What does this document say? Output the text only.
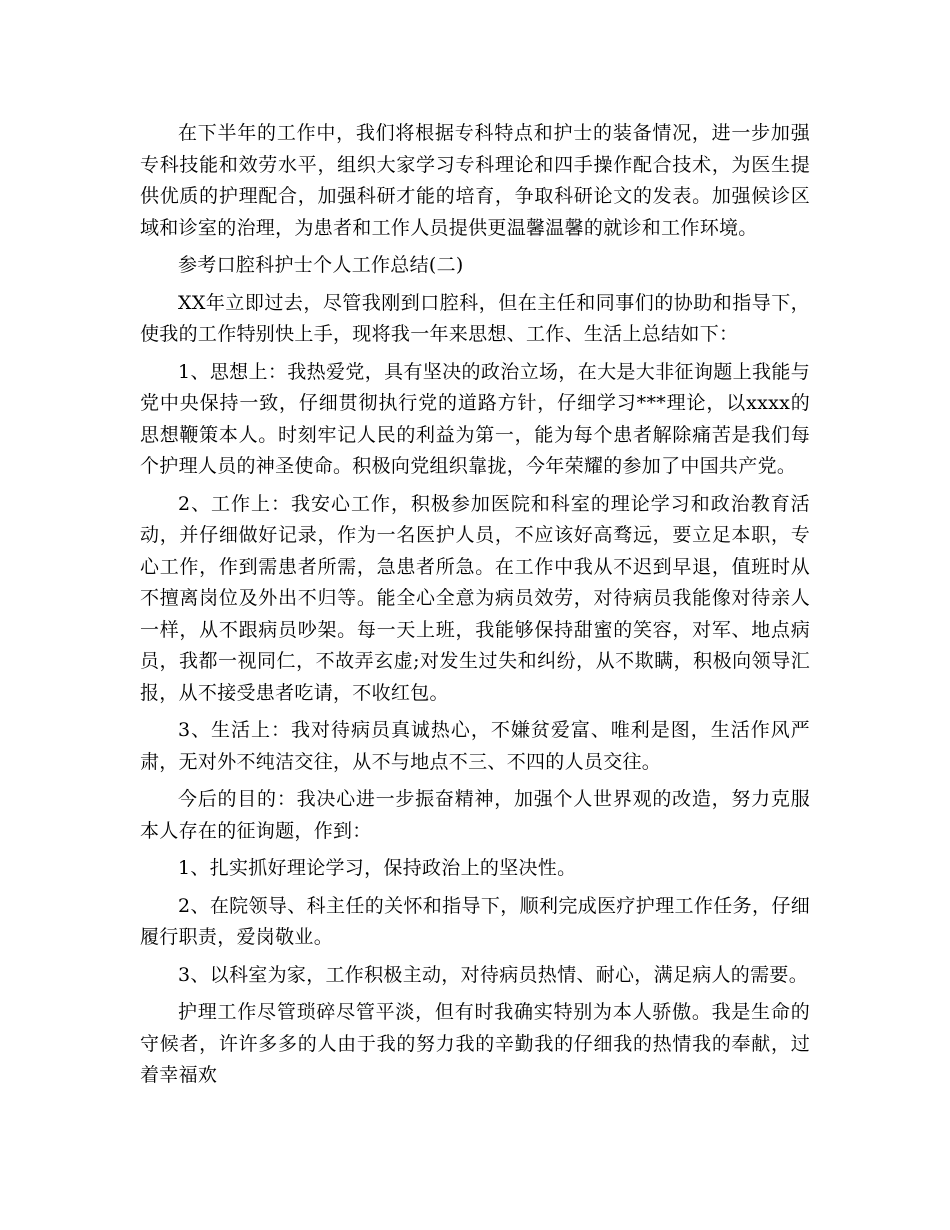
在下半年的工作中，我们将根据专科特点和护士的装备情况，进一步加强专科技能和效劳水平，组织大家学习专科理论和四手操作配合技术，为医生提供优质的护理配合，加强科研才能的培育，争取科研论文的发表。加强候诊区域和诊室的治理，为患者和工作人员提供更温馨温馨的就诊和工作环境。

参考口腔科护士个人工作总结(二)

XX年立即过去，尽管我刚到口腔科，但在主任和同事们的协助和指导下，使我的工作特别快上手，现将我一年来思想、工作、生活上总结如下：

1、思想上：我热爱党，具有坚决的政治立场，在大是大非征询题上我能与党中央保持一致，仔细贯彻执行党的道路方针，仔细学习***理论，以xxxx的思想鞭策本人。时刻牢记人民的利益为第一，能为每个患者解除痛苦是我们每个护理人员的神圣使命。积极向党组织靠拢，今年荣耀的参加了中国共产党。

2、工作上：我安心工作，积极参加医院和科室的理论学习和政治教育活动，并仔细做好记录，作为一名医护人员，不应该好高骛远，要立足本职，专心工作，作到需患者所需，急患者所急。在工作中我从不迟到早退，值班时从不擅离岗位及外出不归等。能全心全意为病员效劳，对待病员我能像对待亲人一样，从不跟病员吵架。每一天上班，我能够保持甜蜜的笑容，对军、地点病员，我都一视同仁，不故弄玄虚;对发生过失和纠纷，从不欺瞒，积极向领导汇报，从不接受患者吃请，不收红包。

3、生活上：我对待病员真诚热心，不嫌贫爱富、唯利是图，生活作风严肃，无对外不纯洁交往，从不与地点不三、不四的人员交往。

今后的目的：我决心进一步振奋精神，加强个人世界观的改造，努力克服本人存在的征询题，作到：

1、扎实抓好理论学习，保持政治上的坚决性。

2、在院领导、科主任的关怀和指导下，顺利完成医疗护理工作任务，仔细履行职责，爱岗敬业。

3、以科室为家，工作积极主动，对待病员热情、耐心，满足病人的需要。

护理工作尽管琐碎尽管平淡，但有时我确实特别为本人骄傲。我是生命的守候者，许许多多的人由于我的努力我的辛勤我的仔细我的热情我的奉献，过着幸福欢
